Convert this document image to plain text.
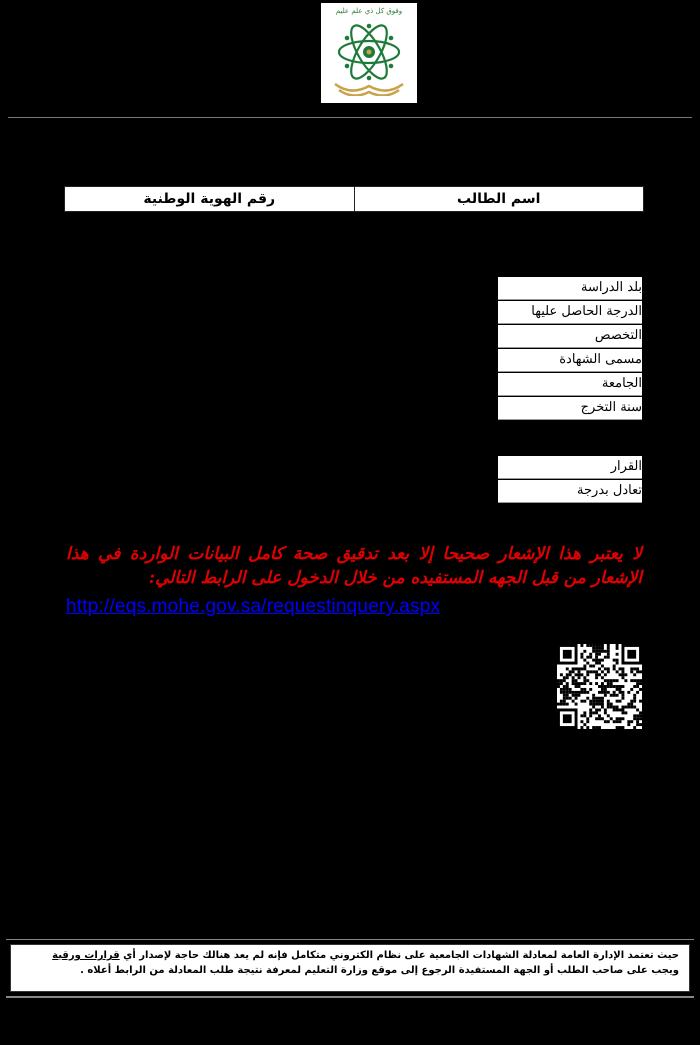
وفوق كل ذي علم عليم
رقم الهوية الوطنية	اسم الطالب
بلد الدراسة
الدرجة الحاصل عليها
التخصص
مسمى الشهادة
الجامعة
سنة التخرج
القرار
تعادل بدرجة
لا يعتبر هذا الإشعار صحيحا إلا بعد تدقيق صحة كامل البيانات الواردة في هذا الإشعار من قبل الجهه المستفيده من خلال الدخول على الرابط التالي:
http://eqs.mohe.gov.sa/requestinquery.aspx
حيث تعتمد الإدارة العامة لمعادلة الشهادات الجامعية على نظام الكتروني متكامل فإنه لم يعد هنالك حاجة لإصدار أي قرارات ورقية
ويجب على صاحب الطلب أو الجهة المستفيدة الرجوع إلى موقع وزارة التعليم لمعرفة نتيجة طلب المعادلة من الرابط أعلاه .
